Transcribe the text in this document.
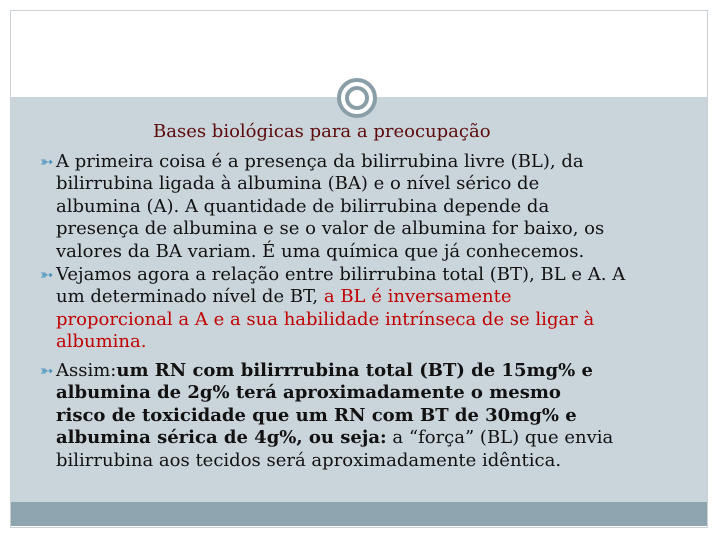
Bases biológicas para a preocupação
➳ A primeira coisa é a presença da bilirrubina livre (BL), da
bilirrubina ligada à albumina (BA) e o nível sérico de
albumina (A). A quantidade de bilirrubina depende da
presença de albumina e se o valor de albumina for baixo, os
valores da BA variam. É uma química que já conhecemos.
➳ Vejamos agora a relação entre bilirrubina total (BT), BL e A. A
um determinado nível de BT, a BL é inversamente
proporcional a A e a sua habilidade intrínseca de se ligar à
albumina.
➳ Assim:um RN com bilirrrubina total (BT) de 15mg% e
albumina de 2g% terá aproximadamente o mesmo
risco de toxicidade que um RN com BT de 30mg% e
albumina sérica de 4g%, ou seja: a “força” (BL) que envia
bilirrubina aos tecidos será aproximadamente idêntica.
